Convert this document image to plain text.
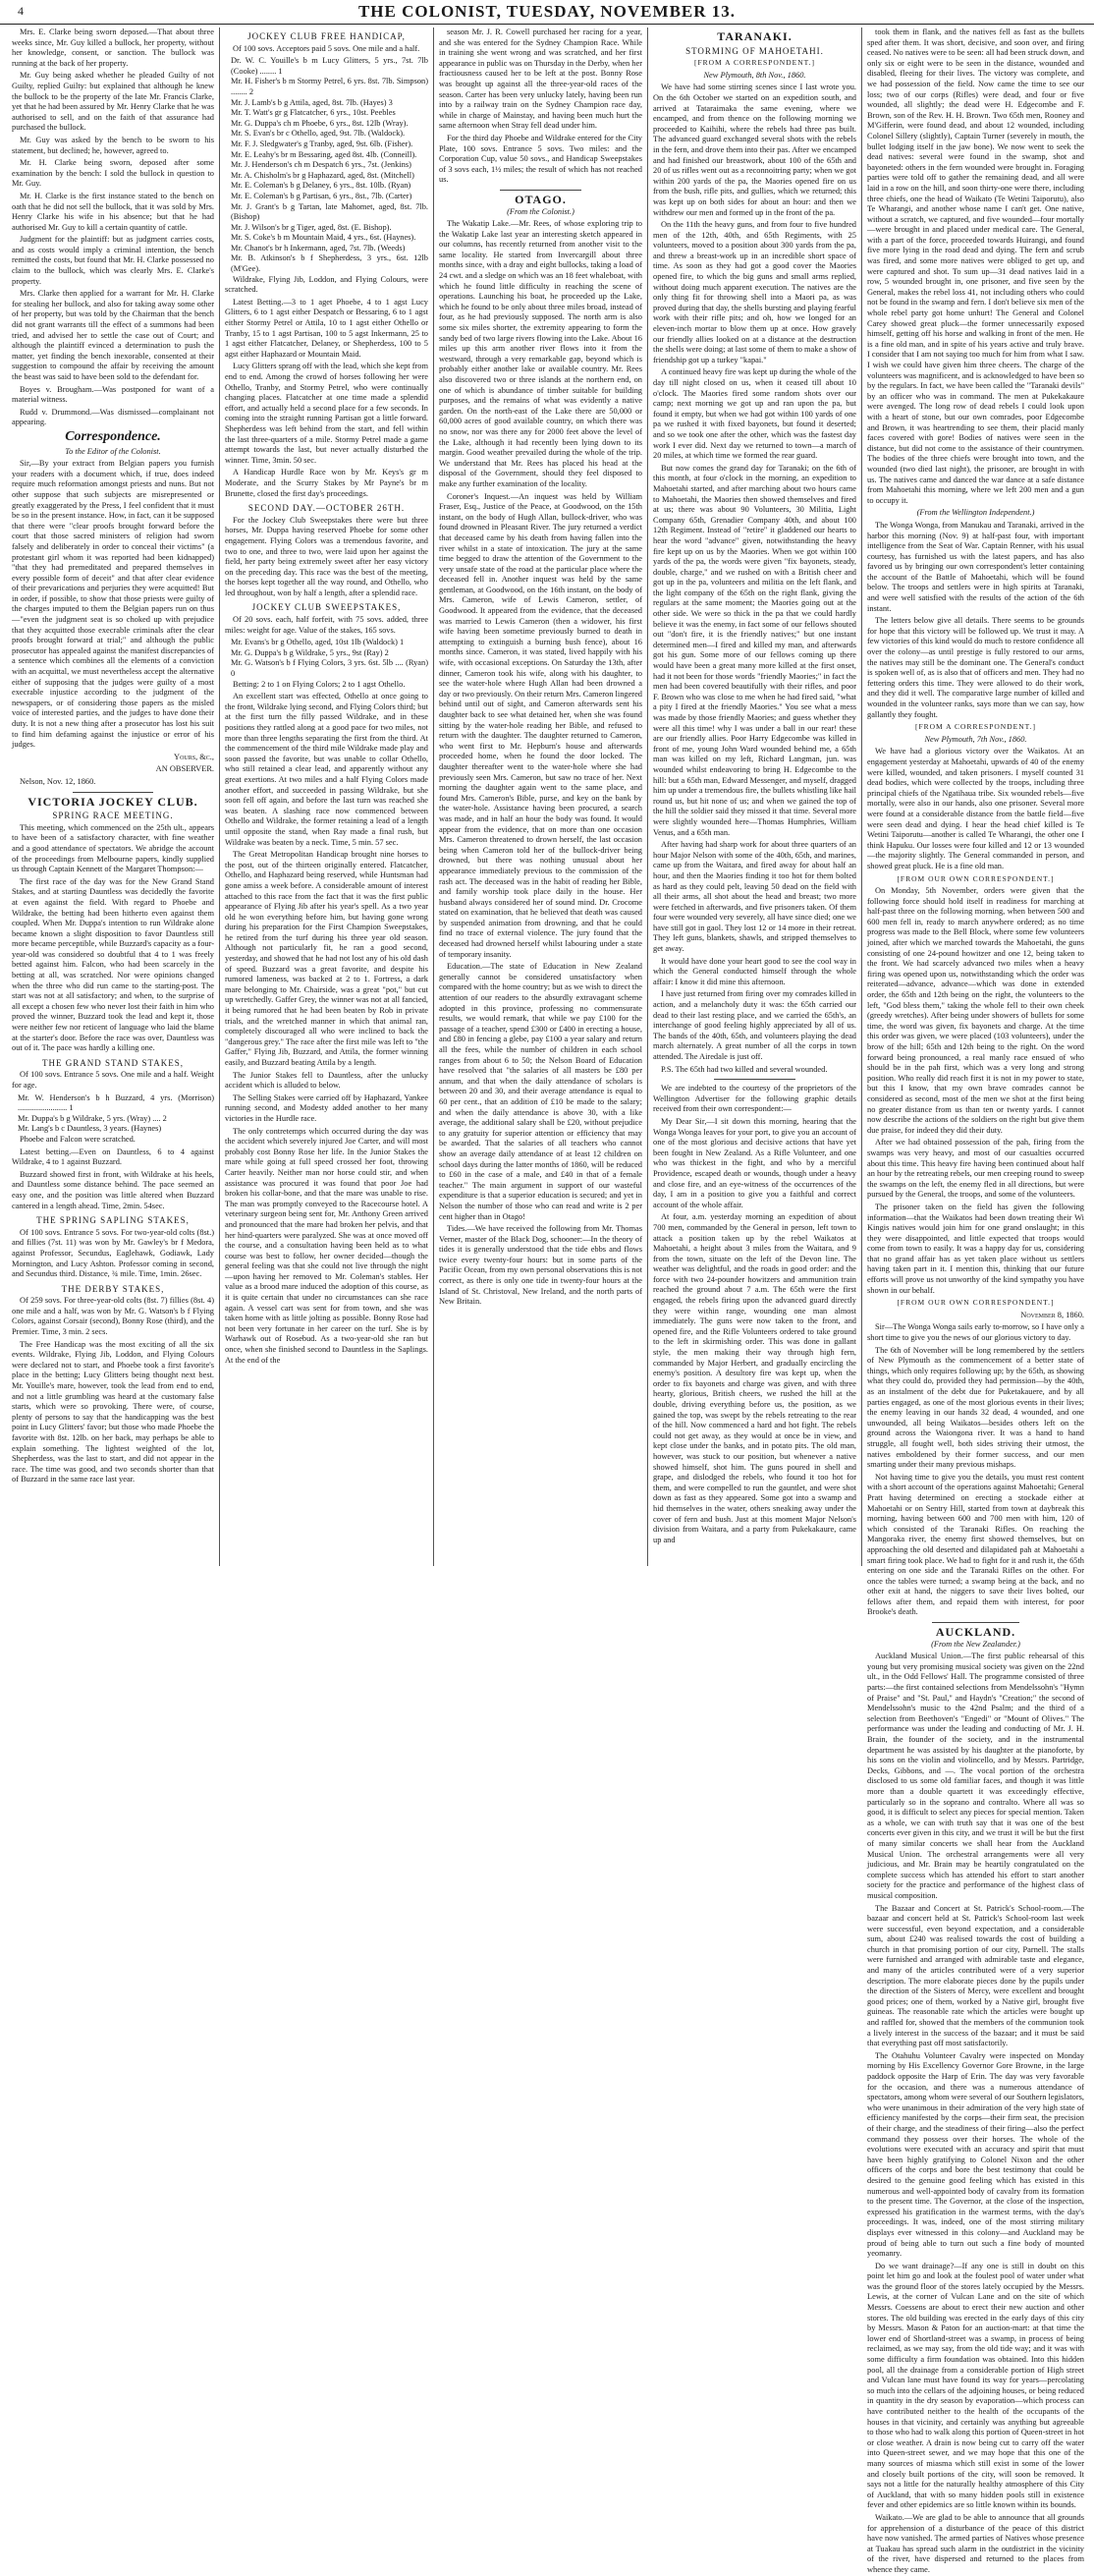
4	THE COLONIST, TUESDAY, NOVEMBER 13.

Mrs. E. Clarke being sworn deposed.—That about three weeks since, Mr. Guy killed a bullock, her property, without her knowledge, consent, or sanction. The bullock was running at the back of her property.

Mr. Guy being asked whether he pleaded Guilty of not Guilty, replied Guilty: but explained that although he knew the bullock to be the property of the late Mr. Francis Clarke, yet that he had been assured by Mr. Henry Clarke that he was authorised to sell, and on the faith of that assurance had purchased the bullock.

Mr. Guy was asked by the bench to be sworn to his statement, but declined; he, however, agreed to.

Mr. H. Clarke being sworn, deposed after some examination by the bench: I sold the bullock in question to Mr. Guy.

Mr. H. Clarke is the first instance stated to the bench on oath that he did not sell the bullock, that it was sold by Mrs. Henry Clarke his wife in his absence; but that he had authorised Mr. Guy to kill a certain quantity of cattle.

Judgment for the plaintiff: but as judgment carries costs, and as costs would imply a criminal intention, the bench remitted the costs, but found that Mr. H. Clarke possessed no claim to the bullock, which was clearly Mrs. E. Clarke's property.

Mrs. Clarke then applied for a warrant for Mr. H. Clarke for stealing her bullock, and also for taking away some other of her property, but was told by the Chairman that the bench did not grant warrants till the effect of a summons had been tried, and advised her to settle the case out of Court; and although the plaintiff evinced a determination to push the matter, yet finding the bench inexorable, consented at their suggestion to compound the affair by receiving the amount the beast was said to have been sold to the defendant for.

Boyes v. Brougham.—Was postponed for want of a material witness.

Rudd v. Drummond.—Was dismissed—complainant not appearing.

Correspondence.

To the Editor of the Colonist.

Sir,—By your extract from Belgian papers you furnish your readers with a document which, if true, does indeed require much reformation amongst priests and nuns. But not other suppose that such subjects are misrepresented or greatly exaggerated by the Press, I feel confident that it must be so in the present instance. How, in fact, can it be supposed that there were "clear proofs brought forward before the court that those sacred ministers of religion had sworn falsely and deliberately in order to conceal their victims" (a protestant girl whom it was reported had been kidnapped) "that they had premeditated and prepared themselves in every possible form of deceit" and that after clear evidence of their prevarications and perjuries they were acquitted! But in order, if possible, to show that those priests were guilty of the charges imputed to them the Belgian papers run on thus—"even the judgment seat is so choked up with prejudice that they acquitted those execrable criminals after the clear proofs brought forward at trial;" and although the public prosecutor has appealed against the manifest discrepancies of a sentence which combines all the elements of a conviction with an acquittal, we must nevertheless accept the alternative either of supposing that the judges were guilty of a most execrable injustice according to the judgment of the newspapers, or of considering those papers as the misled voice of interested parties, and the judges to have done their duty. It is not a new thing after a prosecutor has lost his suit to find him defaming against the injustice or error of his judges.

Yours, &c.,

AN OBSERVER.

Nelson, Nov. 12, 1860.

VICTORIA JOCKEY CLUB.
SPRING RACE MEETING.

This meeting, which commenced on the 25th ult., appears to have been of a satisfactory character, with fine weather and a good attendance of spectators. We abridge the account of the proceedings from Melbourne papers, kindly supplied us through Captain Kennett of the Margaret Thompson:—

The first race of the day was for the New Grand Stand Stakes, and at starting Dauntless was decidedly the favorite at even against the field. With regard to Phoebe and Wildrake, the betting had been hitherto even against them coupled. When Mr. Duppa's intention to run Wildrake alone became known a slight disposition to favor Dauntless still more became perceptible, while Buzzard's capacity as a four-year-old was considered so doubtful that 4 to 1 was freely betted against him. Falcon, who had been scarcely in the betting at all, was scratched. Nor were opinions changed when the three who did run came to the starting-post. The start was not at all satisfactory; and when, to the surprise of all except a chosen few who never lost their faith in him who proved the winner, Buzzard took the lead and kept it, those were neither few nor reticent of language who laid the blame at the starter's door. Before the race was over, Dauntless was out of it. The pace was hardly a killing one.

THE GRAND STAND STAKES,

Of 100 sovs. Entrance 5 sovs. One mile and a half. Weight for age.

Mr. W. Henderson's b h Buzzard, 4 yrs. (Morrison) ........................ 1

Mr. Duppa's b g Wildrake, 5 yrs. (Wray) .... 2

Mr. Lang's b c Dauntless, 3 years. (Haynes)

Phoebe and Falcon were scratched.

Latest betting.—Even on Dauntless, 6 to 4 against Wildrake, 4 to 1 against Buzzard.

Buzzard showed first in front, with Wildrake at his heels, and Dauntless some distance behind. The pace seemed an easy one, and the position was little altered when Buzzard cantered in a length ahead. Time, 2min. 54sec.

THE SPRING SAPLING STAKES,

Of 100 sovs. Entrance 5 sovs. For two-year-old colts (8st.) and fillies (7st. 11) was won by Mr. Gawley's br f Medora, against Professor, Secundus, Eaglehawk, Godiawk, Lady Mornington, and Lucy Ashton. Professor coming in second, and Secundus third. Distance, ¾ mile. Time, 1min. 26sec.

THE DERBY STAKES,

Of 259 sovs. For three-year-old colts (8st. 7) fillies (8st. 4) one mile and a half, was won by Mr. G. Watson's b f Flying Colors, against Corsair (second), Bonny Rose (third), and the Premier. Time, 3 min. 2 secs.

The Free Handicap was the most exciting of all the six events. Wildrake, Flying Jib, Loddon, and Flying Colours were declared not to start, and Phoebe took a first favorite's place in the betting; Lucy Glitters being thought next best. Mr. Youille's mare, however, took the lead from end to end, and not a little grumbling was heard at the customary false starts, which were so provoking. There were, of course, plenty of persons to say that the handicapping was the best point in Lucy Glitters' favor; but those who made Phoebe the favorite with 8st. 12lb. on her back, may perhaps be able to explain something. The lightest weighted of the lot, Shepherdess, was the last to start, and did not appear in the race. The time was good, and two seconds shorter than that of Buzzard in the same race last year.

JOCKEY CLUB FREE HANDICAP,

Of 100 sovs. Acceptors paid 5 sovs. One mile and a half.

Dr. W. C. Youille's b m Lucy Glitters, 5 yrs., 7st. 7lb (Cooke) ........ 1

Mr. H. Fisher's b m Stormy Petrel, 6 yrs. 8st. 7lb. Simpson) ........ 2

Mr. J. Lamb's b g Attila, aged, 8st. 7lb. (Hayes) 3

Mr. T. Watt's gr g Flatcatcher, 6 yrs., 10st. Peebles

Mr. G. Duppa's ch m Phoebe, 6 yrs., 8st. 12lb (Wray).

Mr. S. Evan's br c Othello, aged, 9st. 7lb. (Waldock).

Mr. F. J. Sledgwater's g Tranby, aged, 9st. 6lb. (Fisher).

Mr. E. Leahy's br m Bessaring, aged 8st. 4lb. (Conneill).

Mr. J. Henderson's ch m Despatch 6 yrs., 7st. (Jenkins)

Mr. A. Chisholm's br g Haphazard, aged, 8st. (Mitchell)

Mr. E. Coleman's b g Delaney, 6 yrs., 8st. 10lb. (Ryan)

Mr. E. Coleman's b g Partisan, 6 yrs., 8st., 7lb. (Carter)

Mr. J. Grant's b g Tartan, late Mahomet, aged, 8st. 7lb. (Bishop)

Mr. J. Wilson's br g Tiger, aged, 8st. (E. Bishop).

Mr. S. Coke's b m Mountain Maid, 4 yrs., 6st. (Haynes).

Mr. Chanot's br h Inkermann, aged, 7st. 7lb. (Weeds)

Mr. B. Atkinson's b f Shepherdess, 3 yrs., 6st. 12lb (M'Gee).

Wildrake, Flying Jib, Loddon, and Flying Colours, were scratched.

Latest Betting.—3 to 1 aget Phoebe, 4 to 1 agst Lucy Glitters, 6 to 1 agst either Despatch or Bessaring, 6 to 1 agst either Stormy Petrel or Attila, 10 to 1 agst either Othello or Tranby, 15 to 1 agst Partisan, 100 to 5 agst Inkermann, 25 to 1 agst either Flatcatcher, Delaney, or Shepherdess, 100 to 5 agst either Haphazard or Mountain Maid.

Lucy Glitters sprang off with the lead, which she kept from end to end. Among the crowd of horses following her were Othello, Tranby, and Stormy Petrel, who were continually changing places. Flatcatcher at one time made a splendid effort, and actually held a second place for a few seconds. In coming into the straight running Partisan got a little forward. Shepherdess was left behind from the start, and fell within the last three-quarters of a mile. Stormy Petrel made a game attempt towards the last, but never actually disturbed the winner. Time, 3min. 50 sec.

A Handicap Hurdle Race won by Mr. Keys's gr m Moderate, and the Scurry Stakes by Mr Payne's br m Brunette, closed the first day's proceedings.

SECOND DAY.—OCTOBER 26TH.

For the Jockey Club Sweepstakes there were but three horses, Mr. Duppa having reserved Phoebe for some other engagement. Flying Colors was a tremendous favorite, and two to one, and three to two, were laid upon her against the field, her party being extremely sweet after her easy victory on the preceding day. This race was the best of the meeting, the horses kept together all the way round, and Othello, who led throughout, won by half a length, after a splendid race.

JOCKEY CLUB SWEEPSTAKES,

Of 20 sovs. each, half forfeit, with 75 sovs. added, three miles: weight for age. Value of the stakes, 165 sovs.

Mr. Evans's br g Othello, aged, 10st 1lb (Waldock) 1

Mr. G. Duppa's b g Wildrake, 5 yrs., 9st (Ray) 2

Mr. G. Watson's b f Flying Colors, 3 yrs. 6st. 5lb .... (Ryan) 0

Betting: 2 to 1 on Flying Colors; 2 to 1 agst Othello.

An excellent start was effected, Othello at once going to the front, Wildrake lying second, and Flying Colors third; but at the first turn the filly passed Wildrake, and in these positions they rattled along at a good pace for two miles, not more than three lengths separating the first from the third. At the commencement of the third mile Wildrake made play and soon passed the favorite, but was unable to collar Othello, who still retained a clear lead, and apparently without any great exertions. At two miles and a half Flying Colors made another effort, and succeeded in passing Wildrake, but she soon fell off again, and before the last turn was reached she was beaten. A slashing race now commenced between Othello and Wildrake, the former retaining a lead of a length until opposite the stand, when Ray made a final rush, but Wildrake was beaten by a neck. Time, 5 min. 57 sec.

The Great Metropolitan Handicap brought nine horses to the post, out of the thirteen originally entered. Flatcatcher, Othello, and Haphazard being reserved, while Huntsman had gone amiss a week before. A considerable amount of interest attached to this race from the fact that it was the first public appearance of Flying Jib after his year's spell. As a two year old he won everything before him, but having gone wrong during his preparation for the First Champion Sweepstakes, he retired from the turf during his three year old season. Although not particularly fit, he ran a good second, yesterday, and showed that he had not lost any of his old dash of speed. Buzzard was a great favorite, and despite his rumored lameness, was backed at 2 to 1. Fortress, a dark mare belonging to Mr. Chairside, was a great "pot," but cut up wretchedly. Gaffer Grey, the winner was not at all fancied, it being rumored that he had been beaten by Rob in private trials, and the wretched manner in which that animal ran, completely discouraged all who were inclined to back the "dangerous grey." The race after the first mile was left to "the Gaffer," Flying Jib, Buzzard, and Attila, the former winning easily, and Buzzard beating Attila by a length.

The Junior Stakes fell to Dauntless, after the unlucky accident which is alluded to below.

The Selling Stakes were carried off by Haphazard, Yankee running second, and Modesty added another to her many victories in the Hurdle race.

The only contretemps which occurred during the day was the accident which severely injured Joe Carter, and will most probably cost Bonny Rose her life. In the Junior Stakes the mare while going at full speed crossed her foot, throwing Carter heavily. Neither man nor horse could stir, and when assistance was procured it was found that poor Joe had broken his collar-bone, and that the mare was unable to rise. The man was promptly conveyed to the Racecourse hotel. A veterinary surgeon being sent for, Mr. Anthony Green arrived and pronounced that the mare had broken her pelvis, and that her hind-quarters were paralyzed. She was at once moved off the course, and a consultation having been held as to what course was best to follow, her owner decided—though the general feeling was that she could not live through the night—upon having her removed to Mr. Coleman's stables. Her value as a brood mare induced the adoption of this course, as it is quite certain that under no circumstances can she race again. A vessel cart was sent for from town, and she was taken home with as little jolting as possible. Bonny Rose had not been very fortunate in her career on the turf. She is by Warhawk out of Rosebud. As a two-year-old she ran but once, when she finished second to Dauntless in the Saplings. At the end of the

season Mr. J. R. Cowell purchased her racing for a year, and she was entered for the Sydney Champion Race. While in training she went wrong and was scratched, and her first appearance in public was on Thursday in the Derby, when her fractiousness caused her to be left at the post. Bonny Rose was brought up against all the three-year-old races of the season. Carter has been very unlucky lately, having been run into by a railway train on the Sydney Champion race day, while in charge of Mainstay, and having been much hurt the same afternoon when Stray fell dead under him.

For the third day Phoebe and Wildrake entered for the City Plate, 100 sovs. Entrance 5 sovs. Two miles: and the Corporation Cup, value 50 sovs., and Handicap Sweepstakes of 3 sovs each, 1½ miles; the result of which has not reached us.

OTAGO.

(From the Colonist.)

The Wakatip Lake.—Mr. Rees, of whose exploring trip to the Wakatip Lake last year an interesting sketch appeared in our columns, has recently returned from another visit to the same locality. He started from Invercargill about three months since, with a dray and eight bullocks, taking a load of 24 cwt. and a sledge on which was an 18 feet whaleboat, with which he found little difficulty in reaching the scene of operations. Launching his boat, he proceeded up the Lake, which he found to be only about three miles broad, instead of four, as he had previously supposed. The north arm is also some six miles shorter, the extremity appearing to form the sandy bed of two large rivers flowing into the Lake. About 16 miles up this arm another river flows into it from the westward, through a very remarkable gap, beyond which is probably either another lake or available country. Mr. Rees also discovered two or three islands at the northern end, on one of which is abundance of timber suitable for building purposes, and the remains of what was evidently a native garden. On the north-east of the Lake there are 50,000 or 60,000 acres of good available country, on which there was no snow, nor was there any for 2000 feet above the level of the Lake, although it had recently been lying down to its margin. Good weather prevailed during the whole of the trip. We understand that Mr. Rees has placed his head at the disposal of the Government, should they feel disposed to make any further examination of the locality.

Coroner's Inquest.—An inquest was held by William Fraser, Esq., Justice of the Peace, at Goodwood, on the 15th instant, on the body of Hugh Allan, bullock-driver, who was found drowned in Pleasant River. The jury returned a verdict that deceased came by his death from having fallen into the river whilst in a state of intoxication. The jury at the same time begged to draw the attention of the Government to the very unsafe state of the road at the particular place where the deceased fell in. Another inquest was held by the same gentleman, at Goodwood, on the 16th instant, on the body of Mrs. Cameron, wife of Lewis Cameron, settler, of Goodwood. It appeared from the evidence, that the deceased was married to Lewis Cameron (then a widower, his first wife having been sometime previously burned to death in attempting to extinguish a burning bush fence), about 16 months since. Cameron, it was stated, lived happily with his wife, with occasional exceptions. On Saturday the 13th, after dinner, Cameron took his wife, along with his daughter, to see the water-hole where Hugh Allan had been drowned a day or two previously. On their return Mrs. Cameron lingered behind until out of sight, and Cameron afterwards sent his daughter back to see what detained her, when she was found sitting by the water-hole reading her Bible, and refused to return with the daughter. The daughter returned to Cameron, who went first to Mr. Hepburn's house and afterwards proceeded home, when he found the door locked. The daughter thereafter went to the water-hole where she had previously seen Mrs. Cameron, but saw no trace of her. Next morning the daughter again went to the same place, and found Mrs. Cameron's Bible, purse, and key on the bank by the water-hole. Assistance having been procured, a search was made, and in half an hour the body was found. It would appear from the evidence, that on more than one occasion Mrs. Cameron threatened to drown herself, the last occasion being when Cameron told her of the bullock-driver being drowned, but there was nothing unusual about her appearance immediately previous to the commission of the rash act. The deceased was in the habit of reading her Bible, and family worship took place daily in the house. Her husband always considered her of sound mind. Dr. Crocome stated on examination, that he believed that death was caused by suspended animation from drowning, and that he could find no trace of external violence. The jury found that the deceased had drowned herself whilst labouring under a state of temporary insanity.

Education.—The state of Education in New Zealand generally cannot be considered unsatisfactory when compared with the home country; but as we wish to direct the attention of our readers to the absurdly extravagant scheme adopted in this province, professing no commensurate results, we would remark, that while we pay £100 for the passage of a teacher, spend £300 or £400 in erecting a house, and £80 in fencing a glebe, pay £100 a year salary and return all the fees, while the number of children in each school ranges from about 6 to 50; the Nelson Board of Education have resolved that "the salaries of all masters be £80 per annum, and that when the daily attendance of scholars is between 20 and 30, and their average attendance is equal to 60 per cent., that an addition of £10 be made to the salary; and when the daily attendance is above 30, with a like average, the additional salary shall be £20, without prejudice to any gratuity for superior attention or efficiency that may be awarded. That the salaries of all teachers who cannot show an average daily attendance of at least 12 children on school days during the latter months of 1860, will be reduced to £60 in the case of a male, and £40 in that of a female teacher." The main argument in support of our wasteful expenditure is that a superior education is secured; and yet in Nelson the number of those who can read and write is 2 per cent higher than in Otago!

Tides.—We have received the following from Mr. Thomas Verner, master of the Black Dog, schooner:—In the theory of tides it is generally understood that the tide ebbs and flows twice every twenty-four hours: but in some parts of the Pacific Ocean, from my own personal observations this is not correct, as there is only one tide in twenty-four hours at the Island of St. Christoval, New Ireland, and the north parts of New Britain.

TARANAKI.
STORMING OF MAHOETAHI.

[FROM A CORRESPONDENT.]

New Plymouth, 8th Nov., 1860.

We have had some stirring scenes since I last wrote you. On the 6th October we started on an expedition south, and arrived at Tataraimaka the same evening, where we encamped, and from thence on the following morning we proceeded to Kaihihi, where the rebels had three pas built. The advanced guard exchanged several shots with the rebels in the fern, and drove them into their pas. After we encamped and had finished our breastwork, about 100 of the 65th and 20 of us rifles went out as a reconnoitring party; when we got within 200 yards of the pa, the Maories opened fire on us from the bush, rifle pits, and gullies, which we returned; this was kept up on both sides for about an hour: and then we withdrew our men and formed up in the front of the pa.

On the 11th the heavy guns, and from four to five hundred men of the 12th, 40th, and 65th Regiments, with 25 volunteers, moved to a position about 300 yards from the pa, and threw a breast-work up in an incredible short space of time. As soon as they had got a good cover the Maories opened fire, to which the big guns and small arms replied, without doing much apparent execution. The natives are the only thing fit for throwing shell into a Maori pa, as was proved during that day, the shells bursting and playing fearful work with their rifle pits; and oh, how we longed for an eleven-inch mortar to blow them up at once. How gravely our friendly allies looked on at a distance at the destruction the shells were doing; at last some of them to make a show of friendship got up a turkey "kapai."

A continued heavy fire was kept up during the whole of the day till night closed on us, when it ceased till about 10 o'clock. The Maories fired some random shots over our camp; next morning we got up and ran upon the pa, but found it empty, but when we had got within 100 yards of one pa we rushed it with fixed bayonets, but found it deserted; and so we took one after the other, which was the fastest day work I ever did. Next day we returned to town—a march of 20 miles, at which time we formed the rear guard.

But now comes the grand day for Taranaki; on the 6th of this month, at four o'clock in the morning, an expedition to Mahoetahi started, and after marching about two hours came to Mahoetahi, the Maories then showed themselves and fired at us; there was about 90 Volunteers, 30 Militia, Light Company 65th, Grenadier Company 40th, and about 100 12th Regiment. Instead of "retire" it gladdened our hearts to hear the word "advance" given, notwithstanding the heavy fire kept up on us by the Maories. When we got within 100 yards of the pa, the words were given "fix bayonets, steady, double, charge," and we rushed on with a British cheer and got up in the pa, volunteers and militia on the left flank, and the light company of the 65th on the right flank, giving the regulars at the same moment; the Maories going out at the other side. We were so thick in the pa that we could hardly believe it was the enemy, in fact some of our fellows shouted out "don't fire, it is the friendly natives;" but one instant determined men—I fired and killed my man, and afterwards got his gun. Some more of our fellows coming up there would have been a great many more killed at the first onset, had it not been for those words "friendly Maories;" in fact the men had been covered beautifully with their rifles, and poor F. Brown who was close to me when he had fired said, "what a pity I fired at the friendly Maories." You see what a mess was made by those friendly Maories; and guess whether they were all this time! why I was under a ball in our rear! these are our friendly allies. Poor Harry Edgecombe was killed in front of me, young John Ward wounded behind me, a 65th man was killed on my left, Richard Langman, jun. was wounded whilst endeavoring to bring H. Edgecombe to the hill: but a 65th man, Edward Messenger, and myself, dragged him up under a tremendous fire, the bullets whistling like hail round us, but hit none of us; and when we gained the top of the hill the soldier said they missed it that time. Several more were slightly wounded here—Thomas Humphries, William Venus, and a 65th man.

After having had sharp work for about three quarters of an hour Major Nelson with some of the 40th, 65th, and marines, came up from the Waitara, and fired away for about half an hour, and then the Maories finding it too hot for them bolted as hard as they could pelt, leaving 50 dead on the field with all their arms, all shot about the head and breast; two more were fetched in afterwards, and five prisoners taken. Of them four were wounded very severely, all have since died; one we have still got in gaol. They lost 12 or 14 more in their retreat. They left guns, blankets, shawls, and stripped themselves to get away.

It would have done your heart good to see the cool way in which the General conducted himself through the whole affair: I know it did mine this afternoon.

I have just returned from firing over my comrades killed in action, and a melancholy duty it was: the 65th carried our dead to their last resting place, and we carried the 65th's, an interchange of good feeling highly appreciated by all of us. The bands of the 40th, 65th, and volunteers playing the dead march alternately. A great number of all the corps in town attended. The Airedale is just off.

P.S. The 65th had two killed and several wounded.

We are indebted to the courtesy of the proprietors of the Wellington Advertiser for the following graphic details received from their own correspondent:—

My Dear Sir,—I sit down this morning, hearing that the Wonga Wonga leaves for your port, to give you an account of one of the most glorious and decisive actions that have yet been fought in New Zealand. As a Rifle Volunteer, and one who was thickest in the fight, and who by a merciful Providence, escaped death or wounds, though under a heavy and close fire, and an eye-witness of the occurrences of the day, I am in a position to give you a faithful and correct account of the whole affair.

At four, a.m. yesterday morning an expedition of about 700 men, commanded by the General in person, left town to attack a position taken up by the rebel Waikatos at Mahoetahi, a height about 3 miles from the Waitara, and 9 from the town, situate on the left of the Devon line. The weather was delightful, and the roads in good order: and the force with two 24-pounder howitzers and ammunition train reached the ground about 7 a.m. The 65th were the first engaged, the rebels firing upon the advanced guard directly they were within range, wounding one man almost immediately. The guns were now taken to the front, and opened fire, and the Rifle Volunteers ordered to take ground to the left in skirmishing order. This was done in gallant style, the men making their way through high fern, commanded by Major Herbert, and gradually encircling the enemy's position. A desultory fire was kept up, when the order to fix bayonets and charge was given, and with three hearty, glorious, British cheers, we rushed the hill at the double, driving everything before us, the position, as we gained the top, was swept by the rebels retreating to the rear of the hill. Now commenced a hard and hot fight. The rebels could not get away, as they would at once be in view, and kept close under the banks, and in potato pits. The old man, however, was stuck to our position, but whenever a native showed himself, shot him. The guns poured in shell and grape, and dislodged the rebels, who found it too hot for them, and were compelled to run the gauntlet, and were shot down as fast as they appeared. Some got into a swamp and hid themselves in the water, others sneaking away under the cover of fern and bush. Just at this moment Major Nelson's division from Waitara, and a party from Pukekakaure, came up and

took them in flank, and the natives fell as fast as the bullets sped after them. It was short, decisive, and soon over, and firing ceased. No natives were to be seen: all had been struck down, and only six or eight were to be seen in the distance, wounded and disabled, fleeing for their lives. The victory was complete, and we had possession of the field. Now came the time to see our loss; two of our corps (Rifles) were dead, and four or five wounded, all slightly; the dead were H. Edgecombe and F. Brown, son of the Rev. H. H. Brown. Two 65th men, Rooney and M'Gifferin, were found dead, and about 12 wounded, including Colonel Sillery (slightly), Captain Turner (severely in mouth, the bullet lodging itself in the jaw bone). We now went to seek the dead natives: several were found in the swamp, shot and bayoneted: others in the fern wounded were brought in. Foraging parties were told off to gather the remaining dead, and all were laid in a row on the hill, and soon thirty-one were there, including three chiefs, one the head of Waikato (Te Wetini Taiporutu), also Te Wharangi, and another whose name I can't get. One native, without a scratch, we captured, and five wounded—four mortally—were brought in and placed under medical care. The General, with a part of the force, proceeded towards Huirangi, and found five more lying in the road dead and dying. The fern and scrub was fired, and some more natives were obliged to get up, and were captured and shot. To sum up—31 dead natives laid in a row, 5 wounded brought in, one prisoner, and five seen by the General, makes the rebel loss 41, not including others who could not be found in the swamp and fern. I don't believe six men of the whole rebel party got home unhurt! The General and Colonel Carey showed great pluck—the former unnecessarily exposed himself, getting off his horse and walking in front of the men. He is a fine old man, and in spite of his years active and truly brave. I consider that I am not saying too much for him from what I saw. I wish we could have given him three cheers. The charge of the volunteers was magnificent, and is acknowledged to have been so by the regulars. In fact, we have been called the "Taranaki devils" by an officer who was in command. The men at Pukekakaure were avenged. The long row of dead rebels I could look upon with a heart of stone, but our own comrades, poor Edgecombe and Brown, it was heartrending to see them, their placid manly faces covered with gore! Bodies of natives were seen in the distance, but did not come to the assistance of their countrymen. The bodies of the three chiefs were brought into town, and the wounded (two died last night), the prisoner, are brought in with us. The natives came and danced the war dance at a safe distance from Mahoetahi this morning, where we left 200 men and a gun to occupy it.

(From the Wellington Independent.)

The Wonga Wonga, from Manukau and Taranaki, arrived in the harbor this morning (Nov. 9) at half-past four, with important intelligence from the Seat of War. Captain Renner, with his usual courtesy, has furnished us with the latest papers, and has also favored us by bringing our own correspondent's letter containing the account of the Battle of Mahoetahi, which will be found below. The troops and settlers were in high spirits at Taranaki, and were well satisfied with the results of the action of the 6th instant.

The letters below give all details. There seems to be grounds for hope that this victory will be followed up. We trust it may. A few victories of this kind would do much to restore confidence all over the colony—as until prestige is fully restored to our arms, the natives may still be the dominant one. The General's conduct is spoken well of, as is also that of officers and men. They had no fettering orders this time. They were allowed to do their work, and they did it well. The comparative large number of killed and wounded in the volunteer ranks, says more than we can say, how gallantly they fought.

[FROM A CORRESPONDENT.]

New Plymouth, 7th Nov., 1860.

We have had a glorious victory over the Waikatos. At an engagement yesterday at Mahoetahi, upwards of 40 of the enemy were killed, wounded, and taken prisoners. I myself counted 31 dead bodies, which were collected by the troops, including three principal chiefs of the Ngatihaua tribe. Six wounded rebels—five mortally, were also in our hands, also one prisoner. Several more were found at a considerable distance from the battle field—five were seen dead and dying. I hear the head chief killed is Te Wetini Taiporutu—another is called Te Wharangi, the other one I think Hapuku. Our losses were four killed and 12 or 13 wounded—the majority slightly. The General commanded in person, and showed great pluck. He is a fine old man.

[FROM OUR OWN CORRESPONDENT.]

On Monday, 5th November, orders were given that the following force should hold itself in readiness for marching at half-past three on the following morning, when between 500 and 600 men fell in, ready to march anywhere ordered; as no time progress was made to the Bell Block, where some few volunteers joined, after which we marched towards the Mahoetahi, the guns consisting of one 24-pound howitzer and one 12, being taken to the front. We had scarcely advanced two miles when a heavy firing was opened upon us, notwithstanding which the order was reiterated—advance, advance—which was done in extended order, the 65th and 12th being on the right, the volunteers to the left, "God bless them," taking the whole fell to their own cheek (greedy wretches). After being under showers of bullets for some time, the word was given, fix bayonets and charge. At the time this order was given, we were placed (103 volunteers), under the brow of the hill; 65th and 12th being to the right. On the word forward being pronounced, a real manly race ensued of who should be in the pah first, which was a very long and strong position. Who really did reach first it is not in my power to state, but this I know, that my own brave comrades cannot be considered as second, most of the men we shot at the first being no greater distance from us than ten or twenty yards. I cannot now describe the actions of the soldiers on the right but give them due praise, for indeed they did their duty.

After we had obtained possession of the pah, firing from the swamps was very heavy, and most of our casualties occurred about this time. This heavy fire having been continued about half an hour by the retreating rebels, our men creeping round to sweep the swamps on the left, the enemy fled in all directions, but were pursued by the General, the troops, and some of the volunteers.

The prisoner taken on the field has given the following information—that the Waikatos had been down treating their Wi Kingis natives would join him for one grand onslaught; in this they were disappointed, and little expected that troops would come from town to easily. It was a happy day for us, considering that no grand affair has as yet taken place without us settlers having taken part in it. I mention this, thinking that our future efforts will prove us not unworthy of the kind sympathy you have shown in our behalf.

[FROM OUR OWN CORRESPONDENT.]

November 8, 1860.

Sir—The Wonga Wonga sails early to-morrow, so I have only a short time to give you the news of our glorious victory to day.

The 6th of November will be long remembered by the settlers of New Plymouth as the commencement of a better state of things, which only requires following up; by the 65th, as showing what they could do, provided they had permission—by the 40th, as an instalment of the debt due for Puketakauere, and by all parties engaged, as one of the most glorious events in their lives; the enemy leaving in our hands 32 dead, 4 wounded, and one unwounded, all being Waikatos—besides others left on the ground across the Waiongona river. It was a hand to hand struggle, all fought well, both sides striving their utmost, the natives emboldened by their former success, and our men smarting under their many previous mishaps.

Not having time to give you the details, you must rest content with a short account of the operations against Mahoetahi; General Pratt having determined on erecting a stockade either at Mahoetahi or on Sentry Hill, started from town at daybreak this morning, having between 600 and 700 men with him, 120 of which consisted of the Taranaki Rifles. On reaching the Mangoraka river, the enemy first showed themselves, but on approaching the old deserted and dilapidated pah at Mahoetahi a smart firing took place. We had to fight for it and rush it, the 65th entering on one side and the Taranaki Rifles on the other. For once the tables were turned; a swamp being at the back, and no other exit at hand, the niggers to save their lives bolted, our fellows after them, and repaid them with interest, for poor Brooke's death.

AUCKLAND.

(From the New Zealander.)

Auckland Musical Union.—The first public rehearsal of this young but very promising musical society was given on the 22nd ult., in the Odd Fellows' Hall. The programme consisted of three parts:—the first contained selections from Mendelssohn's "Hymn of Praise" and "St. Paul," and Haydn's "Creation;" the second of Mendelssohn's music to the 42nd Psalm; and the third of a selection from Beethoven's "Engedi" or "Mount of Olives." The performance was under the leading and conducting of Mr. J. H. Brain, the founder of the society, and in the instrumental department he was assisted by his daughter at the pianoforte, by his sons on the violin and violincello, and by Messrs. Partridge, Decks, Gibbons, and —. The vocal portion of the orchestra disclosed to us some old familiar faces, and though it was little more than a double quartett it was exceedingly effective, particularly so in the soprano and contralto. Where all was so good, it is difficult to select any pieces for special mention. Taken as a whole, we can with truth say that it was one of the best concerts ever given in this city, and we trust it will be but the first of many similar concerts we shall hear from the Auckland Musical Union. The orchestral arrangements were all very judicious, and Mr. Brain may be heartily congratulated on the complete success which has attended his effort to start another society for the practice and performance of the highest class of musical composition.

The Bazaar and Concert at St. Patrick's School-room.—The bazaar and concert held at St. Patrick's School-room last week were successful, even beyond expectation, and a considerable sum, about £240 was realised towards the cost of building a church in that promising portion of our city, Parnell. The stalls were furnished and arranged with admirable taste and elegance, and many of the articles contributed were of a very superior description. The more elaborate pieces done by the pupils under the direction of the Sisters of Mercy, were excellent and brought good prices; one of them, worked by a Native girl, brought five guineas. The reasonable rate which the articles were bought up and raffled for, showed that the members of the communion took a lively interest in the success of the bazaar; and it must be said that everything past off most satisfactorily.

The Otahuhu Volunteer Cavalry were inspected on Monday morning by His Excellency Governor Gore Browne, in the large paddock opposite the Harp of Erin. The day was very favorable for the occasion, and there was a numerous attendance of spectators, among whom were several of our Southern legislators, who were unanimous in their admiration of the very high state of efficiency manifested by the corps—their firm seat, the precision of their charge, and the steadiness of their firing—also the perfect command they possess over their horses. The whole of the evolutions were executed with an accuracy and spirit that must have been highly gratifying to Colonel Nixon and the other officers of the corps and bore the best testimony that could be desired to the genuine good feeling which has existed in this numerous and well-appointed body of cavalry from its formation to the present time. The Governor, at the close of the inspection, expressed his gratification in the warmest terms, with the day's proceedings. It was, indeed, one of the most stirring military displays ever witnessed in this colony—and Auckland may be proud of being able to turn out such a fine body of mounted yeomanry.

Do we want drainage?—If any one is still in doubt on this point let him go and look at the foulest pool of water under what was the ground floor of the stores lately occupied by the Messrs. Lewis, at the corner of Vulcan Lane and on the site of which Messrs. Coessens are about to erect their new auction and other stores. The old building was erected in the early days of this city by Messrs. Mason & Paton for an auction-mart: at that time the lower end of Shortland-street was a swamp, in process of being reclaimed, as we may say, from the old tide way; and it was with some difficulty a firm foundation was obtained. Into this hidden pool, all the drainage from a considerable portion of High street and Vulcan lane must have found its way for years—percolating so much into the cellars of the adjoining houses, or being reduced in quantity in the dry season by evaporation—which process can have contributed neither to the health of the occupants of the houses in that vicinity, and certainly was anything but agreeable to those who had to walk along this portion of Queen-street in hot or close weather. A drain is now being cut to carry off the water into Queen-street sewer, and we may hope that this one of the many sources of miasma which still exist in some of the lower and closely built portions of the city, will soon be removed. It says not a little for the naturally healthy atmosphere of this City of Auckland, that with so many hidden pools still in existence fever and other epidemics are so little known within its bounds.

Waikato.—We are glad to be able to announce that all grounds for apprehension of a disturbance of the peace of this district have now vanished. The armed parties of Natives whose presence at Tuakau has spread such alarm in the outdistrict in the vicinity of the river, have dispersed and returned to the places from whence they came.
